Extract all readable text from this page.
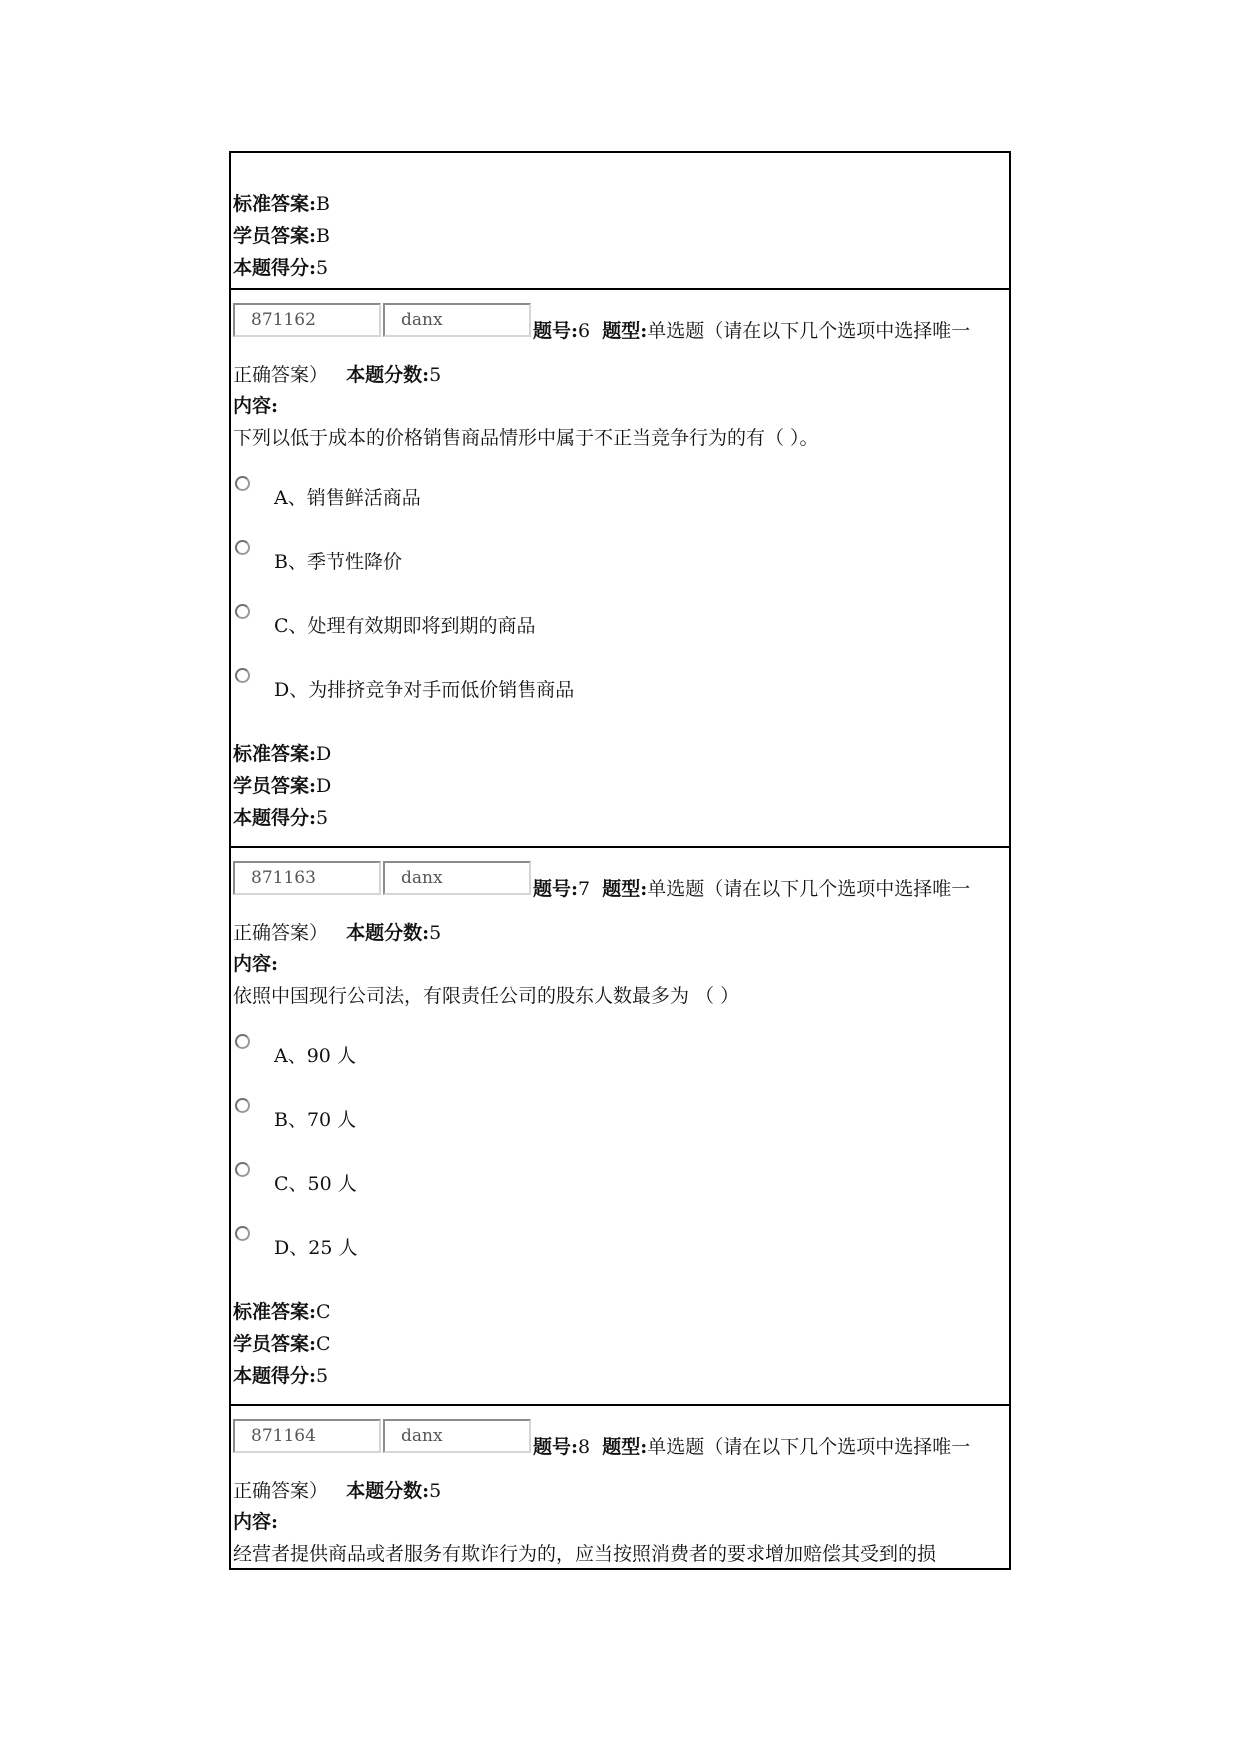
标准答案:B
学员答案:B
本题得分:5
871162
danx
题号:6 题型:单选题（请在以下几个选项中选择唯一
正确答案） 本题分数:5
内容:
下列以低于成本的价格销售商品情形中属于不正当竞争行为的有（ ）。
A、销售鲜活商品
B、季节性降价
C、处理有效期即将到期的商品
D、为排挤竞争对手而低价销售商品
标准答案:D
学员答案:D
本题得分:5
871163
danx
题号:7 题型:单选题（请在以下几个选项中选择唯一
正确答案） 本题分数:5
内容:
依照中国现行公司法，有限责任公司的股东人数最多为 （ ）
A、90 人
B、70 人
C、50 人
D、25 人
标准答案:C
学员答案:C
本题得分:5
871164
danx
题号:8 题型:单选题（请在以下几个选项中选择唯一
正确答案） 本题分数:5
内容:
经营者提供商品或者服务有欺诈行为的，应当按照消费者的要求增加赔偿其受到的损
